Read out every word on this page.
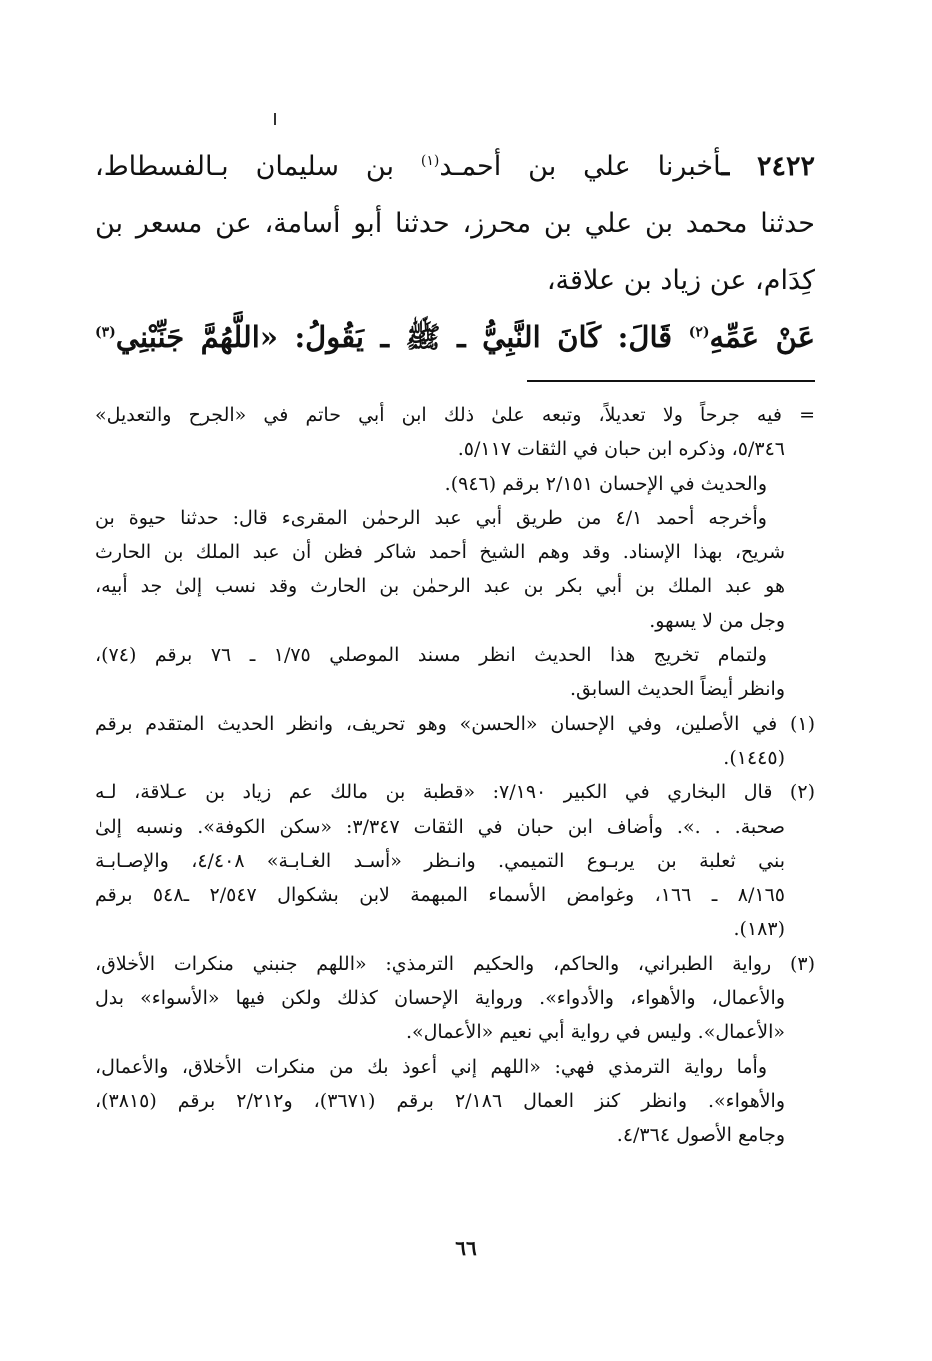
٢٤٢٢ ـأخبرنا علي بن أحمـد$^{(١)}$ بن سليمان بـالفسطاط،
حدثنا محمد بن علي بن محرز، حدثنا أبو أسامة، عن مسعر بن
كِدَام، عن زياد بن علاقة،
عَنْ عَمِّهِ$^{(٢)}$ قَالَ: كَانَ النَّبِيُّ ـ ﷺ ـ يَقُولُ: «اللَّهُمَّ جَنِّبْنِي$^{(٣)}$
= فيه جرحاً ولا تعديلاً، وتبعه علىٰ ذلك ابن أبي حاتم في «الجرح والتعديل»
٥/٣٤٦، وذكره ابن حبان في الثقات ٥/١١٧.
والحديث في الإحسان ٢/١٥١ برقم (٩٤٦).
وأخرجه أحمد ٤/١ من طريق أبي عبد الرحمٰن المقرىء قال: حدثنا حيوة بن
شريح، بهذا الإسناد. وقد وهم الشيخ أحمد شاكر فظن أن عبد الملك بن الحارث
هو عبد الملك بن أبي بكر بن عبد الرحمٰن بن الحارث وقد نسب إلىٰ جد أبيه،
وجل من لا يسهو.
ولتمام تخريج هذا الحديث انظر مسند الموصلي ١/٧٥ ـ ٧٦ برقم (٧٤)،
وانظر أيضاً الحديث السابق.
(١) في الأصلين، وفي الإحسان «الحسن» وهو تحريف، وانظر الحديث المتقدم برقم
(١٤٤٥).
(٢) قال البخاري في الكبير ٧/١٩٠: «قطبة بن مالك عم زياد بن عـلاقة، لـه
صحبة. . .». وأضاف ابن حبان في الثقات ٣/٣٤٧: «سكن الكوفة». ونسبه إلىٰ
بني ثعلبة بن يربـوع التميمي. وانـظر «أسـد الغـابـة» ٤/٤٠٨، والإصـابـة
٨/١٦٥ ـ ١٦٦، وغوامض الأسماء المبهمة لابن بشكوال ٢/٥٤٧ ـ٥٤٨ برقم
(١٨٣).
(٣) رواية الطبراني، والحاكم، والحكيم الترمذي: «اللهم جنبني منكرات الأخلاق،
والأعمال، والأهواء، والأدواء». ورواية الإحسان كذلك ولكن فيها «الأسواء» بدل
«الأعمال». وليس في رواية أبي نعيم «الأعمال».
وأما رواية الترمذي فهي: «اللهم إني أعوذ بك من منكرات الأخلاق، والأعمال،
والأهواء». وانظر كنز العمال ٢/١٨٦ برقم (٣٦٧١)، و٢/٢١٢ برقم (٣٨١٥)،
وجامع الأصول ٤/٣٦٤.
٦٦
